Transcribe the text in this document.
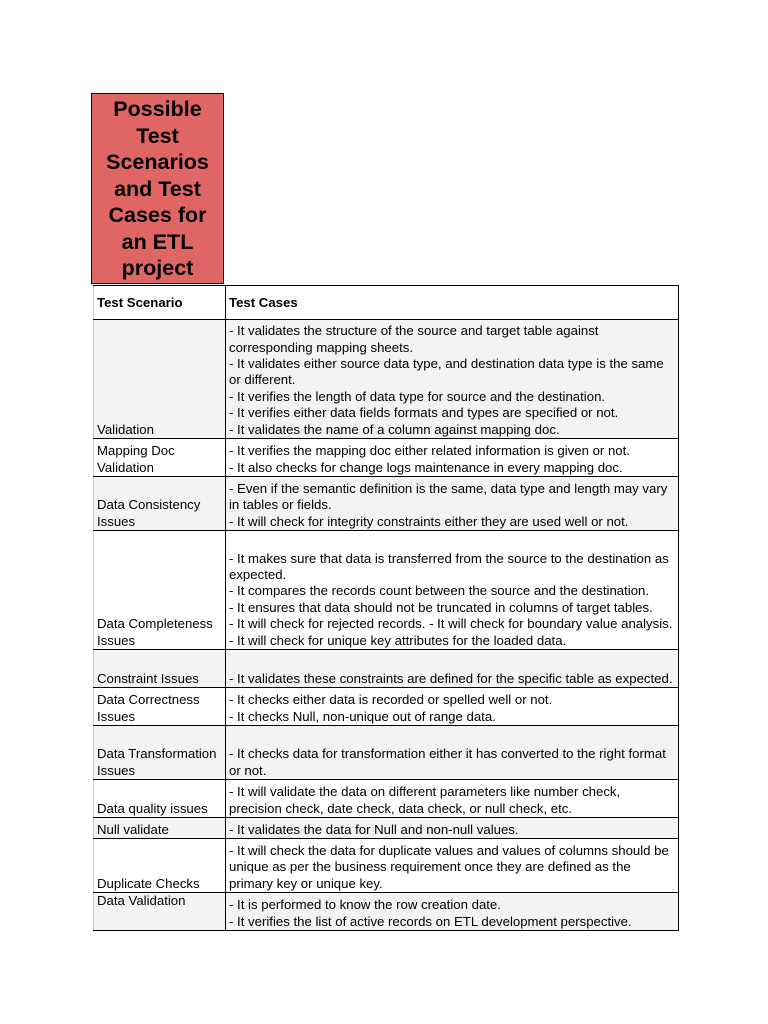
Possible
Test
Scenarios
and Test
Cases for
an ETL
project
Test Scenario	Test Cases
Validation	- It validates the structure of the source and target table against corresponding mapping sheets.
- It validates either source data type, and destination data type is the same or different.
- It verifies the length of data type for source and the destination.
- It verifies either data fields formats and types are specified or not.
- It validates the name of a column against mapping doc.
Mapping Doc Validation	- It verifies the mapping doc either related information is given or not.
- It also checks for change logs maintenance in every mapping doc.
Data Consistency Issues	- Even if the semantic definition is the same, data type and length may vary in tables or fields.
- It will check for integrity constraints either they are used well or not.
Data Completeness Issues	- It makes sure that data is transferred from the source to the destination as expected.
- It compares the records count between the source and the destination.
- It ensures that data should not be truncated in columns of target tables.
- It will check for rejected records. - It will check for boundary value analysis.
- It will check for unique key attributes for the loaded data.
Constraint Issues	- It validates these constraints are defined for the specific table as expected.
Data Correctness Issues	- It checks either data is recorded or spelled well or not.
- It checks Null, non-unique out of range data.
Data Transformation Issues	- It checks data for transformation either it has converted to the right format or not.
Data quality issues	- It will validate the data on different parameters like number check, precision check, date check, data check, or null check, etc.
Null validate	- It validates the data for Null and non-null values.
Duplicate Checks	- It will check the data for duplicate values and values of columns should be unique as per the business requirement once they are defined as the primary key or unique key.
Data Validation	- It is performed to know the row creation date.
- It verifies the list of active records on ETL development perspective.
